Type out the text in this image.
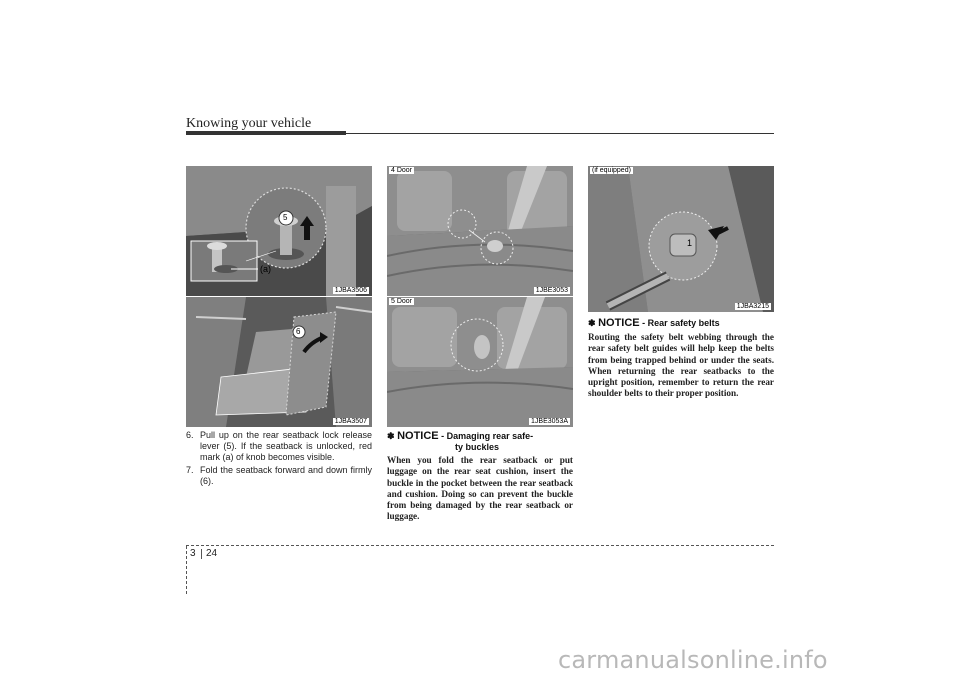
Knowing your vehicle
5
(a)
1JBA3506
6
1JBA3507
4 Door
1JBE3053
5 Door
1JBE3053A
1
(if equipped)
1JBA3215
6. Pull up on the rear seatback lock release lever (5). If the seatback is unlocked, red mark (a) of knob becomes visible.
7. Fold the seatback forward and down firmly (6).
✽ NOTICE - Damaging rear safe-
ty buckles
When you fold the rear seatback or put luggage on the rear seat cushion, insert the buckle in the pocket between the rear seatback and cushion. Doing so can prevent the buckle from being damaged by the rear seatback or luggage.
✽ NOTICE - Rear safety belts
Routing the safety belt webbing through the rear safety belt guides will help keep the belts from being trapped behind or under the seats. When returning the rear seatbacks to the upright position, remember to return the rear shoulder belts to their proper position.
3 24
carmanualsonline.info
